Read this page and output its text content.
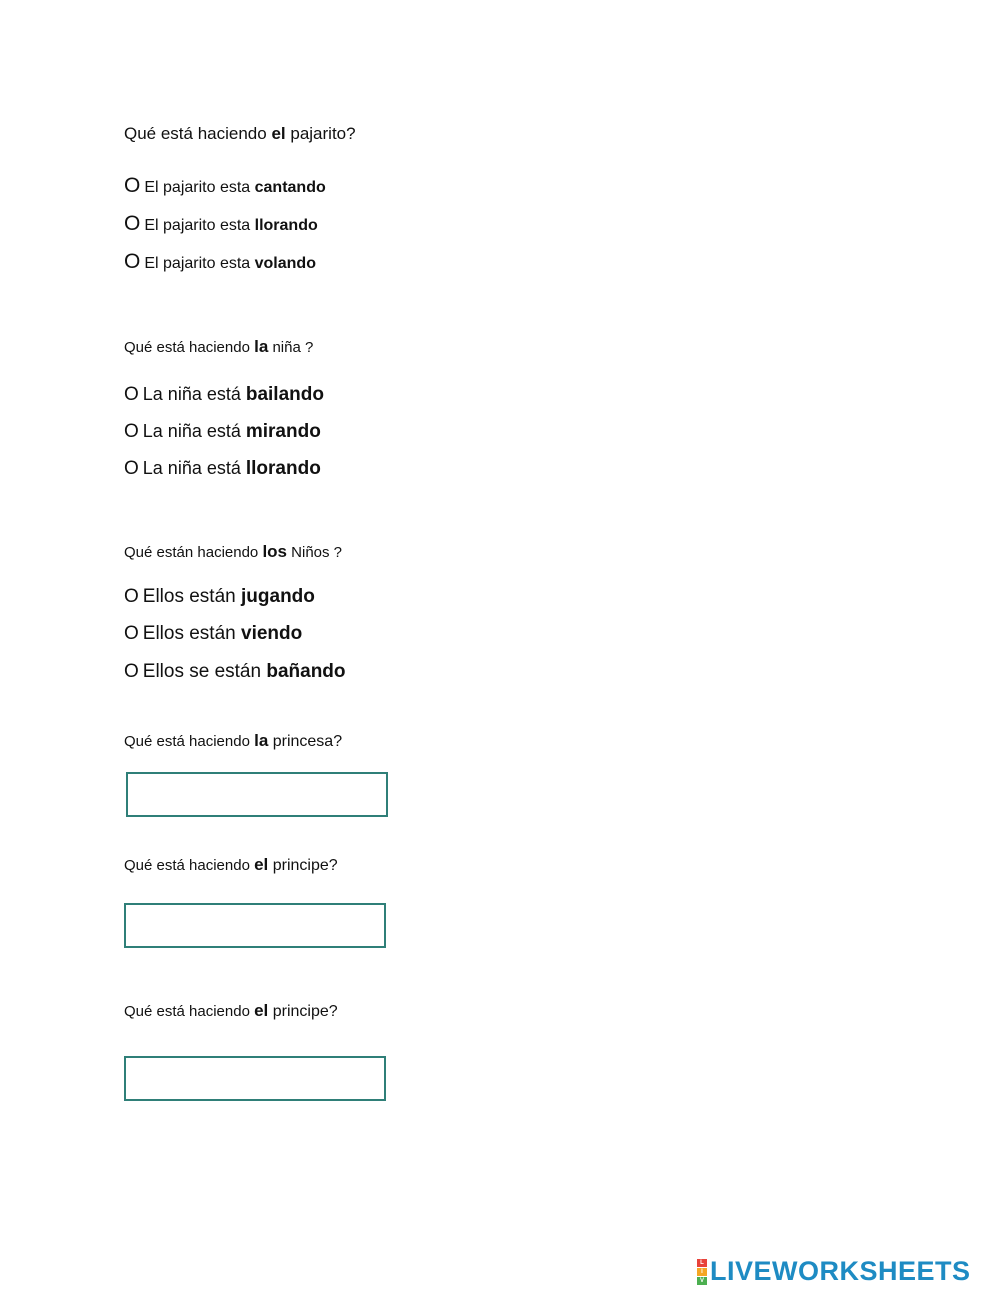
Qué está haciendo el pajarito?
O El pajarito esta cantando
O El pajarito esta llorando
O El pajarito esta volando
Qué está haciendo la niña ?
O La niña está bailando
O La niña está mirando
O La niña está llorando
Qué están haciendo los Niños ?
O Ellos están jugando
O Ellos están viendo
O Ellos se están bañando
Qué está haciendo la princesa?
Qué está haciendo el principe?
Qué está haciendo el principe?
L
I
V LIVEWORKSHEETS
